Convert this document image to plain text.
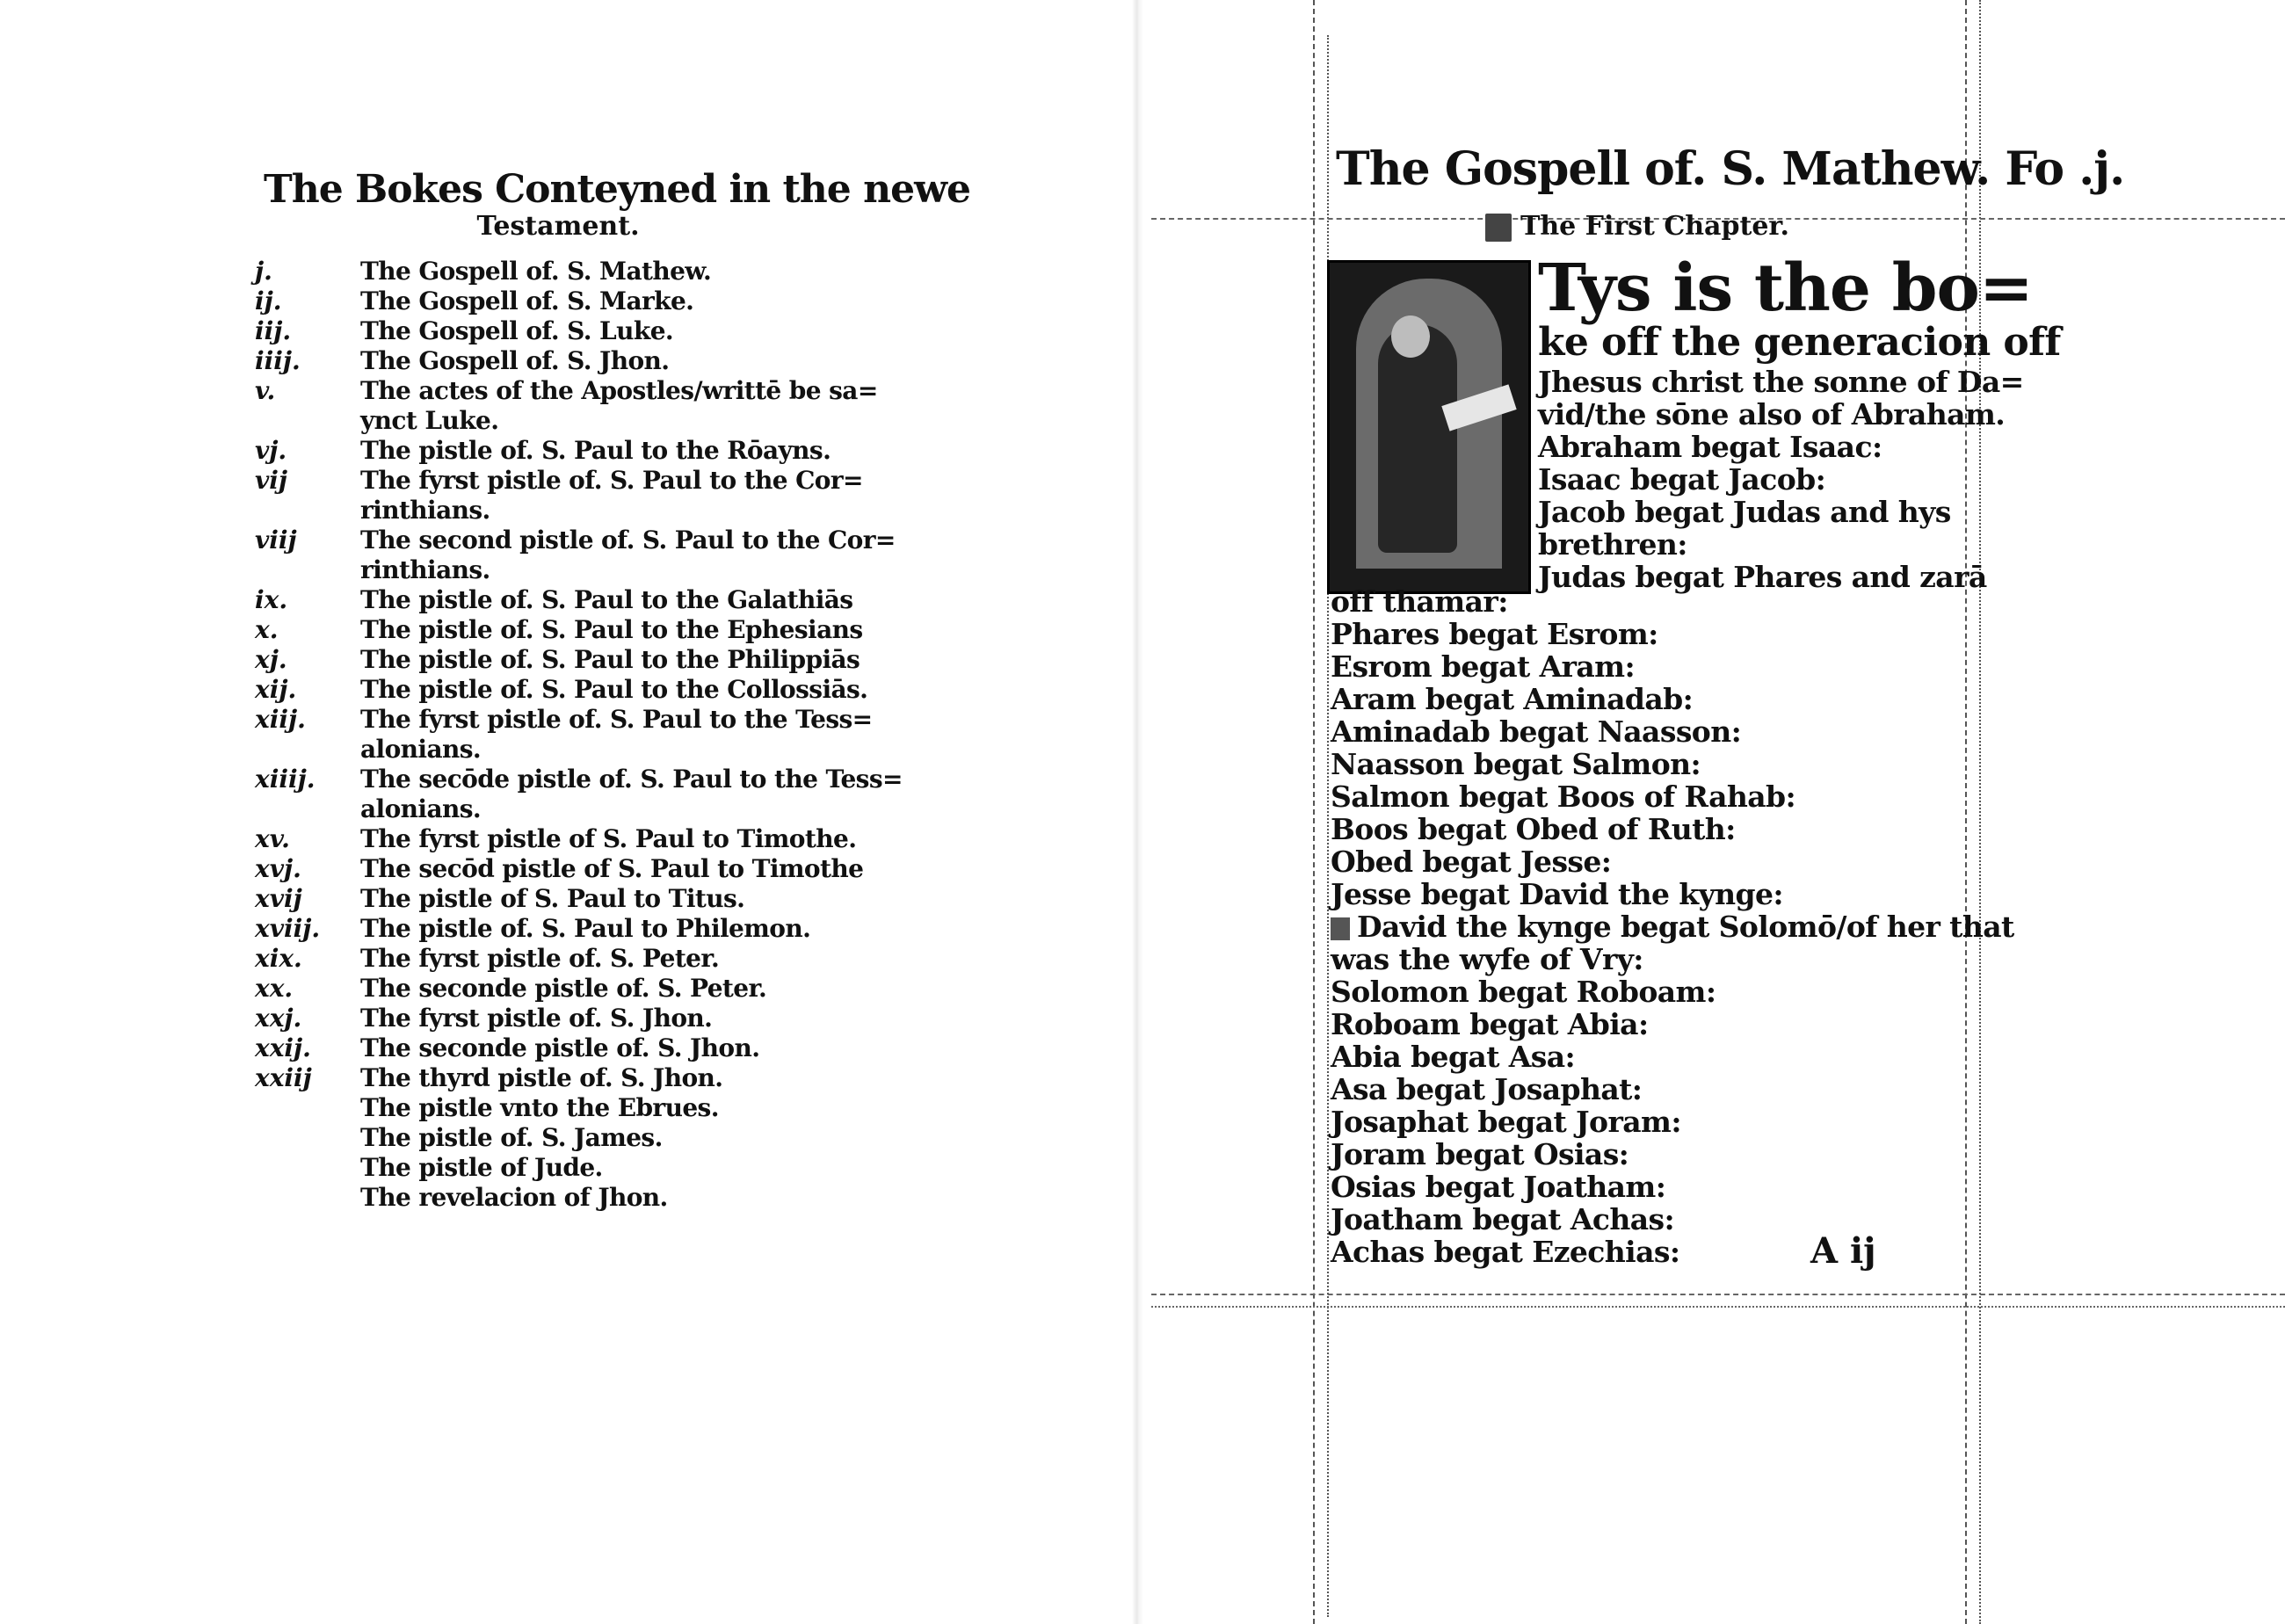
The Bokes Conteyned in the newe
Testament.
j.	The Gospell of. S. Mathew.
ij.	The Gospell of. S. Marke.
iij.	The Gospell of. S. Luke.
iiij.	The Gospell of. S. Jhon.
v.	The actes of the Apostles/writtē be sa=
ynct Luke.
vj.	The pistle of. S. Paul to the Rōayns.
vij	The fyrst pistle of. S. Paul to the Cor=
rinthians.
viij	The second pistle of. S. Paul to the Cor=
rinthians.
ix.	The pistle of. S. Paul to the Galathiās
x.	The pistle of. S. Paul to the Ephesians
xj.	The pistle of. S. Paul to the Philippiās
xij.	The pistle of. S. Paul to the Collossiās.
xiij.	The fyrst pistle of. S. Paul to the Tess=
alonians.
xiiij.	The secōde pistle of. S. Paul to the Tess=
alonians.
xv.	The fyrst pistle of S. Paul to Timothe.
xvj.	The secōd pistle of S. Paul to Timothe
xvij	The pistle of S. Paul to Titus.
xviij.	The pistle of. S. Paul to Philemon.
xix.	The fyrst pistle of. S. Peter.
xx.	The seconde pistle of. S. Peter.
xxj.	The fyrst pistle of. S. Jhon.
xxij.	The seconde pistle of. S. Jhon.
xxiij	The thyrd pistle of. S. Jhon.
The pistle vnto the Ebrues.
The pistle of. S. James.
The pistle of Jude.
The revelacion of Jhon.
The Gospell of. S. Mathew. Fo .j.
The First Chapter.
Tys is the bo=
ke off the generacion off
Jhesus christ the sonne of Da=
vid/the sōne also of Abraham.
Abraham begat Isaac:
Isaac begat Jacob:
Jacob begat Judas and hys
brethren:
Judas begat Phares and zarā
off thamar:
Phares begat Esrom:
Esrom begat Aram:
Aram begat Aminadab:
Aminadab begat Naasson:
Naasson begat Salmon:
Salmon begat Boos of Rahab:
Boos begat Obed of Ruth:
Obed begat Jesse:
Jesse begat David the kynge:
David the kynge begat Solomō/of her that
was the wyfe of Vry:
Solomon begat Roboam:
Roboam begat Abia:
Abia begat Asa:
Asa begat Josaphat:
Josaphat begat Joram:
Joram begat Osias:
Osias begat Joatham:
Joatham begat Achas:
Achas begat Ezechias:	A ij
